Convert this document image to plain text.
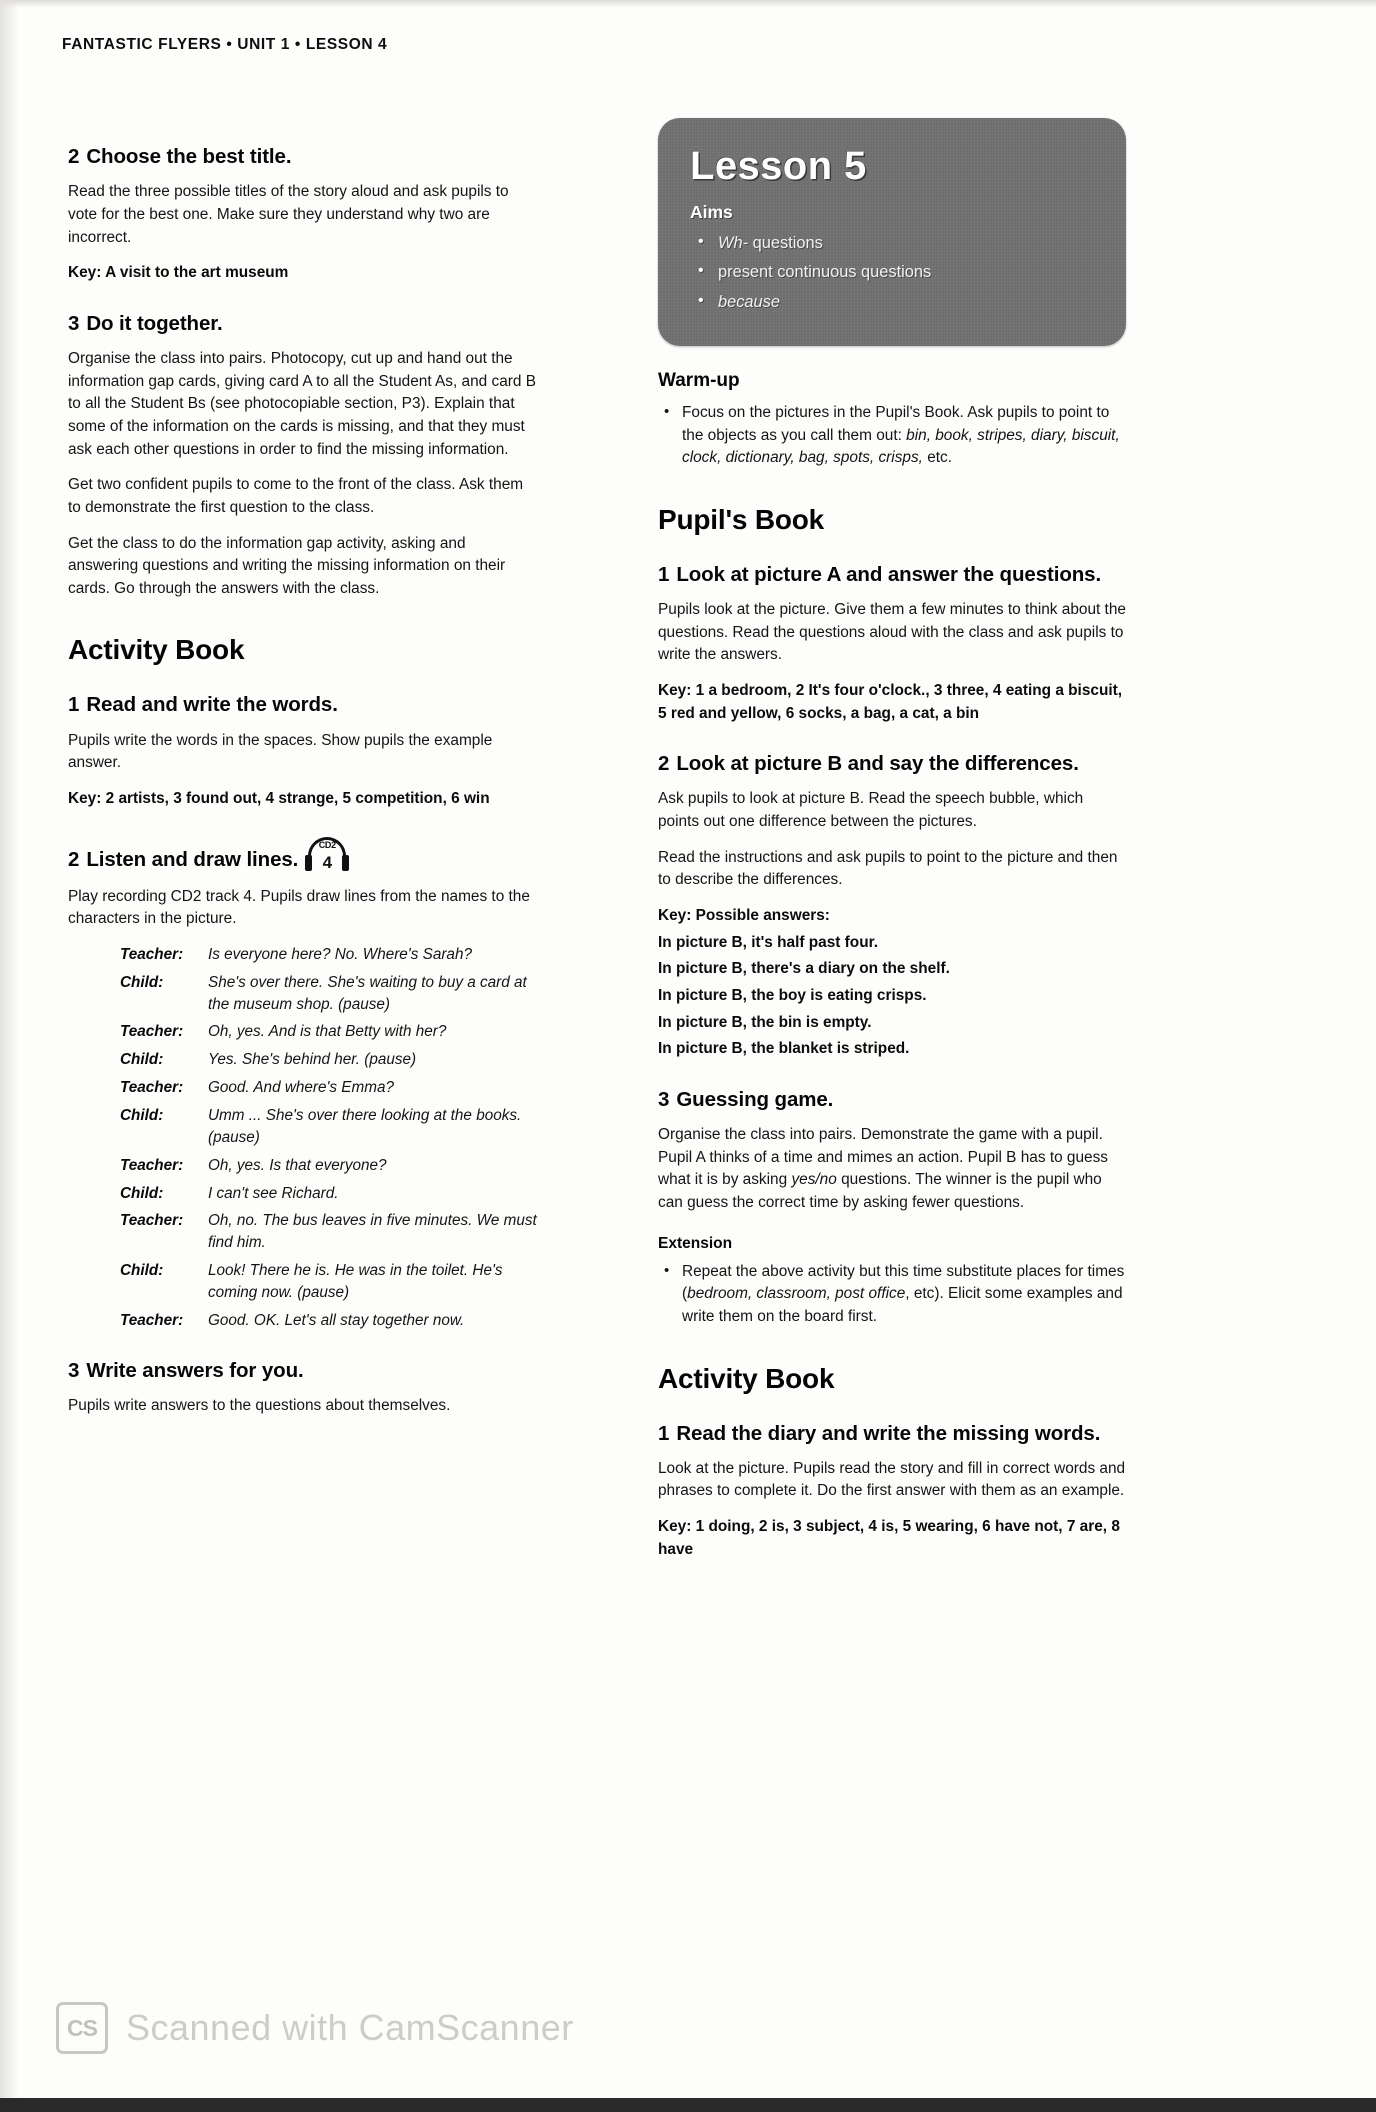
FANTASTIC FLYERS • UNIT 1 • LESSON 4
2 Choose the best title.

Read the three possible titles of the story aloud and ask pupils to vote for the best one. Make sure they understand why two are incorrect.

Key: A visit to the art museum

3 Do it together.

Organise the class into pairs. Photocopy, cut up and hand out the information gap cards, giving card A to all the Student As, and card B to all the Student Bs (see photocopiable section, P3). Explain that some of the information on the cards is missing, and that they must ask each other questions in order to find the missing information.

Get two confident pupils to come to the front of the class. Ask them to demonstrate the first question to the class.

Get the class to do the information gap activity, asking and answering questions and writing the missing information on their cards. Go through the answers with the class.

Activity Book
1 Read and write the words.

Pupils write the words in the spaces. Show pupils the example answer.

Key: 2 artists, 3 found out, 4 strange, 5 competition, 6 win

2 Listen and draw lines.
CD2
4

Play recording CD2 track 4. Pupils draw lines from the names to the characters in the picture.

Teacher:	Is everyone here? No. Where's Sarah?
Child:	She's over there. She's waiting to buy a card at the museum shop. (pause)
Teacher:	Oh, yes. And is that Betty with her?
Child:	Yes. She's behind her. (pause)
Teacher:	Good. And where's Emma?
Child:	Umm ... She's over there looking at the books. (pause)
Teacher:	Oh, yes. Is that everyone?
Child:	I can't see Richard.
Teacher:	Oh, no. The bus leaves in five minutes. We must find him.
Child:	Look! There he is. He was in the toilet. He's coming now. (pause)
Teacher:	Good. OK. Let's all stay together now.
3 Write answers for you.

Pupils write answers to the questions about themselves.

Lesson 5
Aims
• Wh- questions
• present continuous questions
• because
Warm-up
• Focus on the pictures in the Pupil's Book. Ask pupils to point to the objects as you call them out: bin, book, stripes, diary, biscuit, clock, dictionary, bag, spots, crisps, etc.
Pupil's Book
1 Look at picture A and answer the questions.

Pupils look at the picture. Give them a few minutes to think about the questions. Read the questions aloud with the class and ask pupils to write the answers.

Key: 1 a bedroom, 2 It's four o'clock., 3 three, 4 eating a biscuit, 5 red and yellow, 6 socks, a bag, a cat, a bin

2 Look at picture B and say the differences.

Ask pupils to look at picture B. Read the speech bubble, which points out one difference between the pictures.

Read the instructions and ask pupils to point to the picture and then to describe the differences.

Key: Possible answers:

In picture B, it's half past four.

In picture B, there's a diary on the shelf.

In picture B, the boy is eating crisps.

In picture B, the bin is empty.

In picture B, the blanket is striped.

3 Guessing game.

Organise the class into pairs. Demonstrate the game with a pupil. Pupil A thinks of a time and mimes an action. Pupil B has to guess what it is by asking yes/no questions. The winner is the pupil who can guess the correct time by asking fewer questions.

Extension
• Repeat the above activity but this time substitute places for times (bedroom, classroom, post office, etc). Elicit some examples and write them on the board first.
Activity Book
1 Read the diary and write the missing words.

Look at the picture. Pupils read the story and fill in correct words and phrases to complete it. Do the first answer with them as an example.

Key: 1 doing, 2 is, 3 subject, 4 is, 5 wearing, 6 have not, 7 are, 8 have

CS Scanned with CamScanner
